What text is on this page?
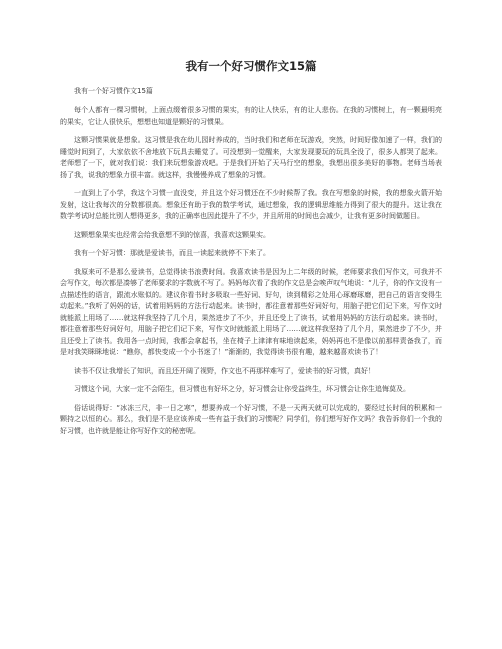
我有一个好习惯作文15篇

我有一个好习惯作文15篇

每个人都有一棵习惯树，上面点缀着很多习惯的果实，有的让人快乐，有的让人悲伤。在我的习惯树上，有一颗最明亮的果实，它让人很快乐，想想也知道是颗好的习惯果。

这颗习惯果就是想象。这习惯是我在幼儿园时养成的，当时我们和老师在玩游戏，突然，时间好像加速了一样，我们的睡觉时间到了，大家依依不舍地放下玩具去睡觉了。可没想到一觉醒来，大家发现要玩的玩具全没了，很多人都哭了起来。老师想了一下，就对我们说：我们来玩想象游戏吧。于是我们开始了天马行空的想象，我想出很多美好的事物。老师当场表扬了我，说我的想象力很丰富。就这样，我慢慢养成了想象的习惯。

一直到上了小学，我这个习惯一直没变，并且这个好习惯还在不少时候帮了我。我在写想象的时候，我的想象火箭开始发射，这让我每次的分数都很高。想象还有助于我的数学考试，通过想象，我的逻辑思维能力得到了很大的提升。这让我在数学考试时总能比别人想得更多，我的正确率也因此提升了不少，并且所用的时间也会减少，让我有更多时间做题目。

这颗想象果实也经常会给我意想不到的惊喜，我喜欢这颗果实。

我有一个好习惯：那就是爱读书，而且一读起来就停不下来了。

我原来可不是那么爱读书，总觉得读书浪费时间。我喜欢读书是因为上二年级的时候，老师要求我们写作文，可我并不会写作文，每次都是凑够了老师要求的字数就不写了。妈妈每次看了我的作文总是会唉声叹气地说：“儿子，你的作文没有一点描述性的语言，跟流水账似的。建议你看书时多吸取一些好词、好句，读到精彩之处用心琢磨琢磨，把自己的语言变得生动起来。”我听了妈妈的话，试着用妈妈的方法行动起来。读书时，都往意着那些好词好句，用脑子把它们记下来，写作文时就能派上用场了……就这样我坚持了几个月，果然进步了不少，并且还受上了读书，试着用妈妈的方法行动起来。读书时，都往意着那些好词好句，用脑子把它们记下来，写作文时就能派上用场了……就这样我坚持了几个月，果然进步了不少，并且还受上了读书。我用各一点时间，我都会拿起书，坐在椅子上津津有味地读起来，妈妈再也不是像以前那样责备我了，而是对我笑眯眯地说：“瞧你，都快变成一个小书迷了！”渐渐的，我觉得读书很有趣，越来越喜欢读书了！

读书不仅让我增长了知识，而且还开阔了视野，作文也不再那样难写了，爱读书的好习惯，真好！

习惯这个词，大家一定不会陌生，但习惯也有好坏之分，好习惯会让你受益终生，坏习惯会让你生追悔莫及。

俗话说得好：“冰冻三尺，非一日之寒”，想要养成一个好习惯，不是一天两天就可以完成的，要经过长时间的积累和一颗持之以恒的心。那么，我们是不是应该养成一些有益于我们的习惯呢？同学们，你们想写好作文吗？我告诉你们一个我的好习惯，也许就是能让你写好作文的秘密呢。
